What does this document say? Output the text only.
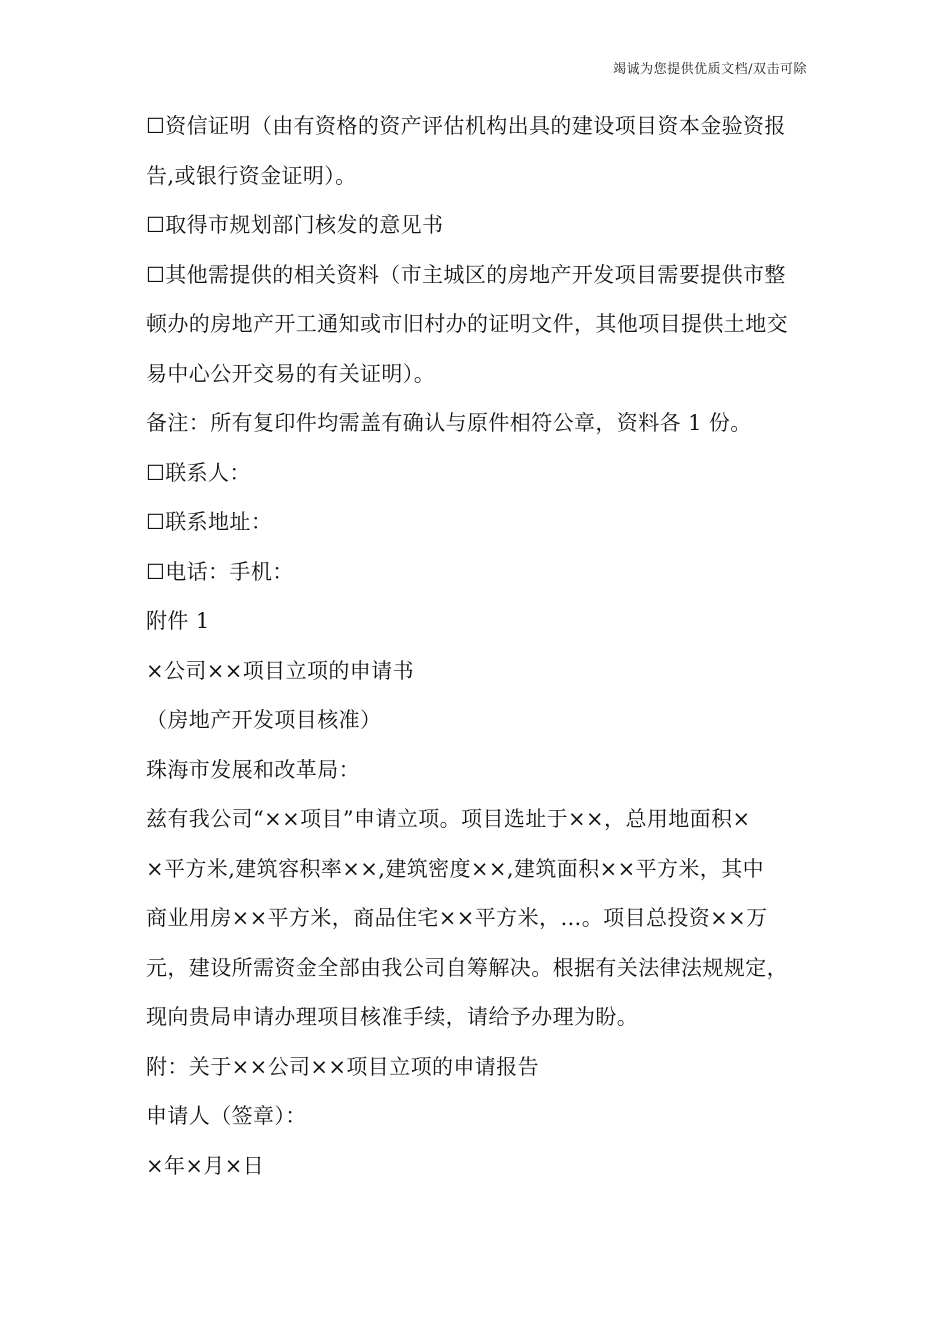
竭诚为您提供优质文档/双击可除
☐资信证明（由有资格的资产评估机构出具的建设项目资本金验资报
告,或银行资金证明）。
☐取得市规划部门核发的意见书
☐其他需提供的相关资料（市主城区的房地产开发项目需要提供市整
顿办的房地产开工通知或市旧村办的证明文件，其他项目提供土地交
易中心公开交易的有关证明）。
备注：所有复印件均需盖有确认与原件相符公章，资料各 1 份。
☐联系人：
☐联系地址：
☐电话：手机：
附件 1
×公司××项目立项的申请书
（房地产开发项目核准）
珠海市发展和改革局：
兹有我公司“××项目”申请立项。项目选址于××，总用地面积×
×平方米,建筑容积率××,建筑密度××,建筑面积××平方米，其中
商业用房××平方米，商品住宅××平方米，…。项目总投资××万
元，建设所需资金全部由我公司自筹解决。根据有关法律法规规定，
现向贵局申请办理项目核准手续，请给予办理为盼。
附：关于××公司××项目立项的申请报告
申请人（签章）：
×年×月×日
